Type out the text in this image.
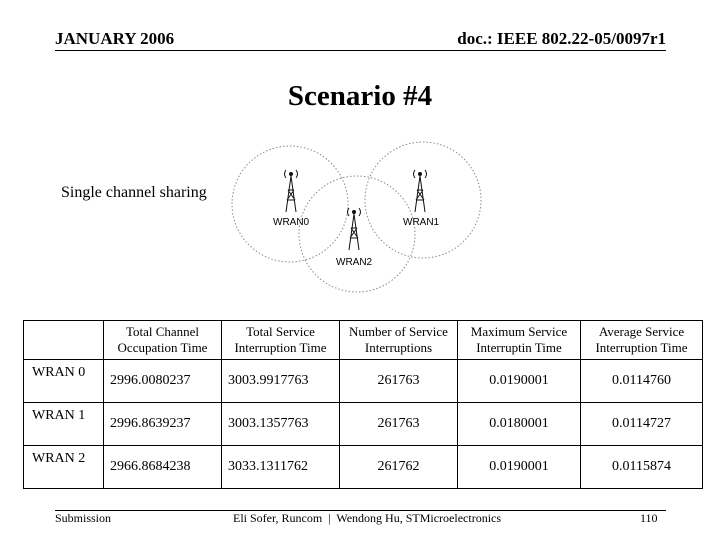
JANUARY 2006	doc.: IEEE 802.22-05/0097r1
Scenario #4
Single channel sharing
WRAN0	WRAN1
WRAN2
	Total Channel Occupation Time	Total Service Interruption Time	Number of Service Interruptions	Maximum Service Interruptin Time	Average Service Interruption Time
WRAN 0	2996.0080237	3003.9917763	261763	0.0190001	0.0114760
WRAN 1	2996.8639237	3003.1357763	261763	0.0180001	0.0114727
WRAN 2	2966.8684238	3033.1311762	261762	0.0190001	0.0115874
Submission	Eli Sofer, Runcom  |  Wendong Hu, STMicroelectronics	110
